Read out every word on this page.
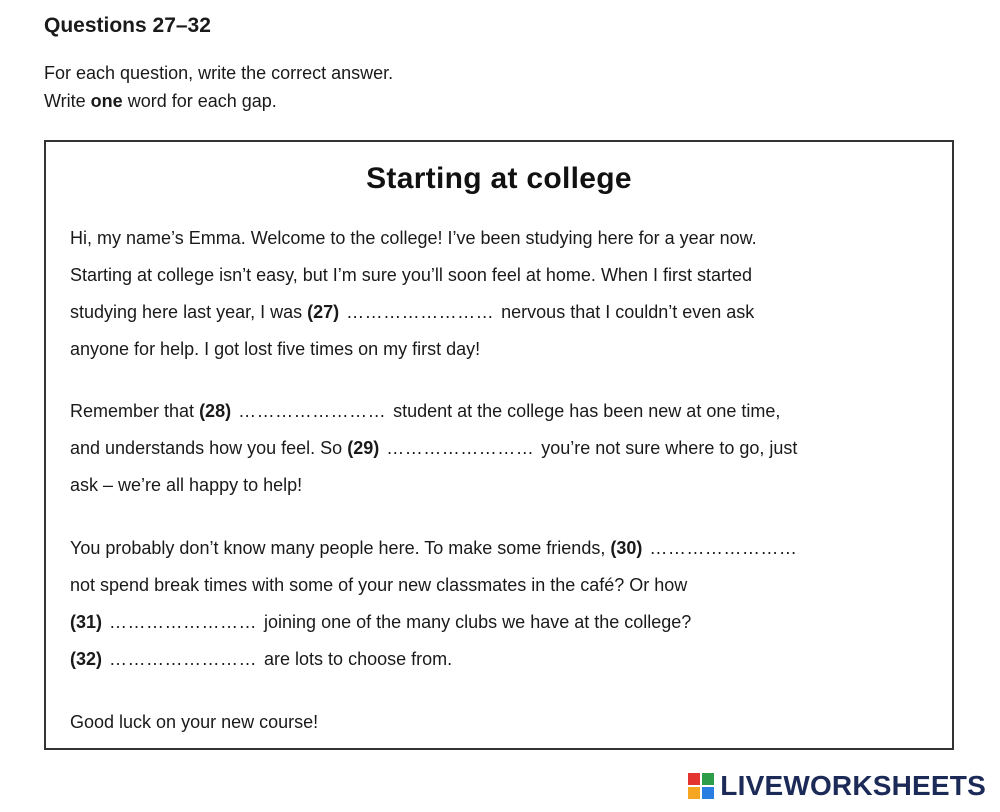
Questions 27–32
For each question, write the correct answer.
Write one word for each gap.
Starting at college
Hi, my name’s Emma. Welcome to the college! I’ve been studying here for a year now.
Starting at college isn’t easy, but I’m sure you’ll soon feel at home. When I first started
studying here last year, I was (27) …………………… nervous that I couldn’t even ask
anyone for help. I got lost five times on my first day!
Remember that (28) …………………… student at the college has been new at one time,
and understands how you feel. So (29) …………………… you’re not sure where to go, just
ask – we’re all happy to help!
You probably don’t know many people here. To make some friends, (30) ……………………
not spend break times with some of your new classmates in the café? Or how
(31) …………………… joining one of the many clubs we have at the college?
(32) …………………… are lots to choose from.
Good luck on your new course!
LIVEWORKSHEETS
